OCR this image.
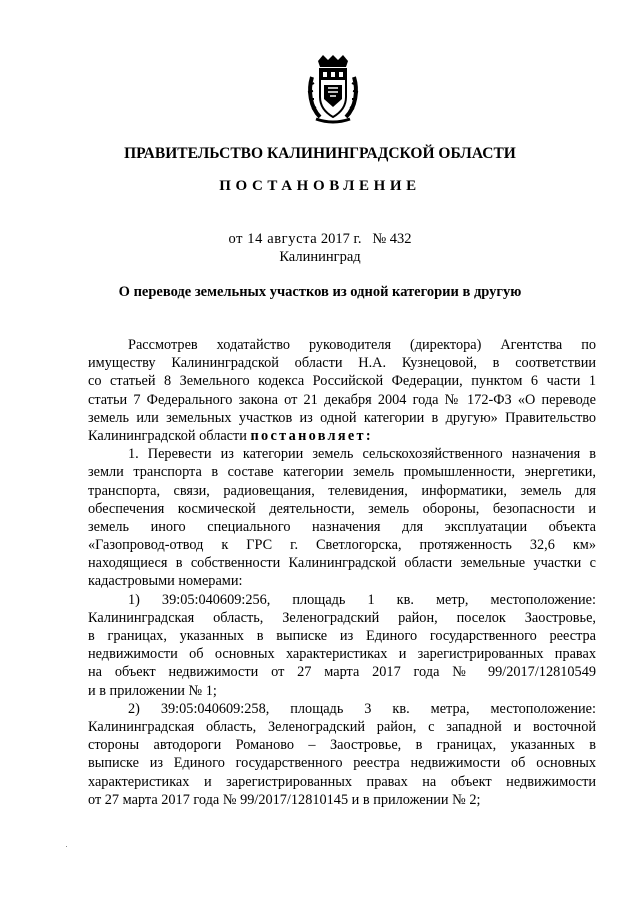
ПРАВИТЕЛЬСТВО КАЛИНИНГРАДСКОЙ ОБЛАСТИ
ПОСТАНОВЛЕНИЕ
от 14 августа 2017 г. № 432
Калининград
О переводе земельных участков из одной категории в другую
Рассмотрев ходатайство руководителя (директора) Агентства по
имуществу Калининградской области Н.А. Кузнецовой, в соответствии
со статьей 8 Земельного кодекса Российской Федерации, пунктом 6 части 1
статьи 7 Федерального закона от 21 декабря 2004 года № 172-ФЗ «О переводе
земель или земельных участков из одной категории в другую» Правительство
Калининградской области постановляет:
1. Перевести из категории земель сельскохозяйственного назначения в
земли транспорта в составе категории земель промышленности, энергетики,
транспорта, связи, радиовещания, телевидения, информатики, земель для
обеспечения космической деятельности, земель обороны, безопасности и
земель иного специального назначения для эксплуатации объекта
«Газопровод-отвод к ГРС г. Светлогорска, протяженность 32,6 км»
находящиеся в собственности Калининградской области земельные участки с
кадастровыми номерами:
1) 39:05:040609:256, площадь 1 кв. метр, местоположение:
Калининградская область, Зеленоградский район, поселок Заостровье,
в границах, указанных в выписке из Единого государственного реестра
недвижимости об основных характеристиках и зарегистрированных правах
на объект недвижимости от 27 марта 2017 года № 99/2017/12810549
и в приложении № 1;
2) 39:05:040609:258, площадь 3 кв. метра, местоположение:
Калининградская область, Зеленоградский район, с западной и восточной
стороны автодороги Романово – Заостровье, в границах, указанных в
выписке из Единого государственного реестра недвижимости об основных
характеристиках и зарегистрированных правах на объект недвижимости
от 27 марта 2017 года № 99/2017/12810145 и в приложении № 2;
